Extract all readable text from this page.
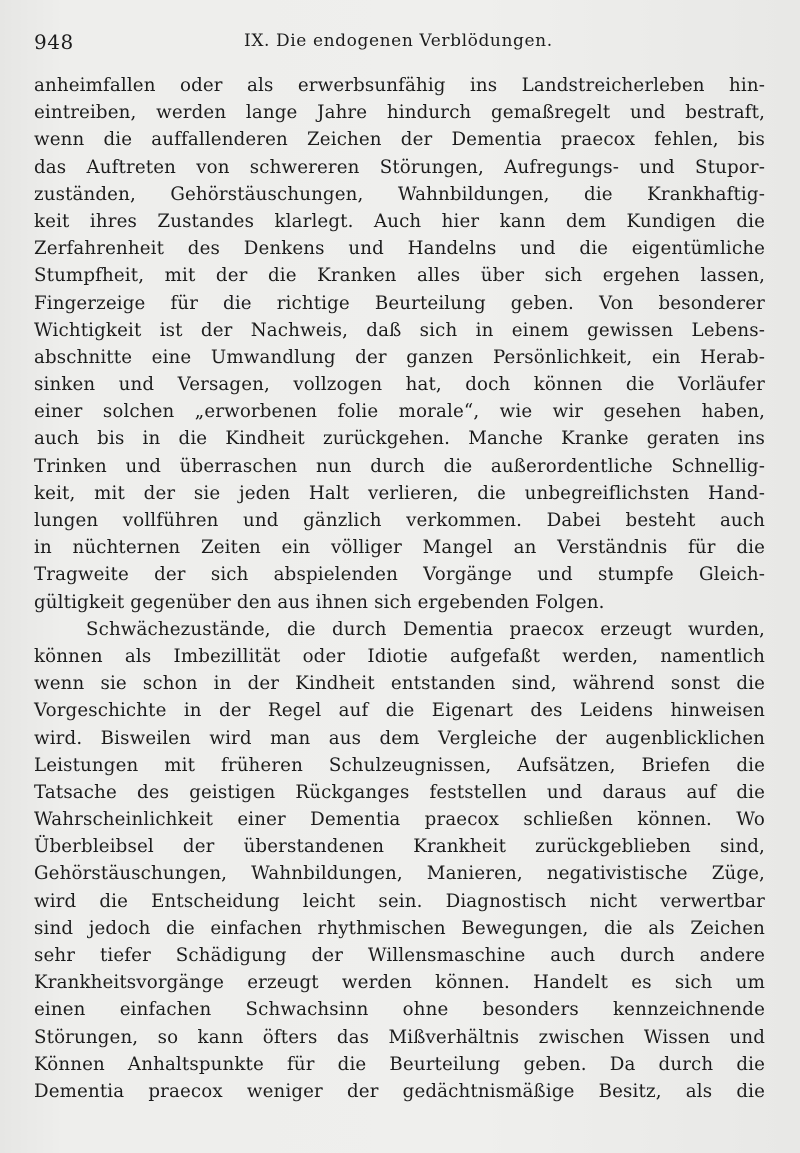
948	IX. Die endogenen Verblödungen.
anheimfallen oder als erwerbsunfähig ins Landstreicherleben hin-
eintreiben, werden lange Jahre hindurch gemaßregelt und bestraft,
wenn die auffallenderen Zeichen der Dementia praecox fehlen, bis
das Auftreten von schwereren Störungen, Aufregungs- und Stupor-
zuständen, Gehörstäuschungen, Wahnbildungen, die Krankhaftig-
keit ihres Zustandes klarlegt. Auch hier kann dem Kundigen die
Zerfahrenheit des Denkens und Handelns und die eigentümliche
Stumpfheit, mit der die Kranken alles über sich ergehen lassen,
Fingerzeige für die richtige Beurteilung geben. Von besonderer
Wichtigkeit ist der Nachweis, daß sich in einem gewissen Lebens-
abschnitte eine Umwandlung der ganzen Persönlichkeit, ein Herab-
sinken und Versagen, vollzogen hat, doch können die Vorläufer
einer solchen „erworbenen folie morale“, wie wir gesehen haben,
auch bis in die Kindheit zurückgehen. Manche Kranke geraten ins
Trinken und überraschen nun durch die außerordentliche Schnellig-
keit, mit der sie jeden Halt verlieren, die unbegreiflichsten Hand-
lungen vollführen und gänzlich verkommen. Dabei besteht auch
in nüchternen Zeiten ein völliger Mangel an Verständnis für die
Tragweite der sich abspielenden Vorgänge und stumpfe Gleich-
gültigkeit gegenüber den aus ihnen sich ergebenden Folgen.
Schwächezustände, die durch Dementia praecox erzeugt wurden,
können als Imbezillität oder Idiotie aufgefaßt werden, namentlich
wenn sie schon in der Kindheit entstanden sind, während sonst die
Vorgeschichte in der Regel auf die Eigenart des Leidens hinweisen
wird. Bisweilen wird man aus dem Vergleiche der augenblicklichen
Leistungen mit früheren Schulzeugnissen, Aufsätzen, Briefen die
Tatsache des geistigen Rückganges feststellen und daraus auf die
Wahrscheinlichkeit einer Dementia praecox schließen können. Wo
Überbleibsel der überstandenen Krankheit zurückgeblieben sind,
Gehörstäuschungen, Wahnbildungen, Manieren, negativistische Züge,
wird die Entscheidung leicht sein. Diagnostisch nicht verwertbar
sind jedoch die einfachen rhythmischen Bewegungen, die als Zeichen
sehr tiefer Schädigung der Willensmaschine auch durch andere
Krankheitsvorgänge erzeugt werden können. Handelt es sich um
einen einfachen Schwachsinn ohne besonders kennzeichnende
Störungen, so kann öfters das Mißverhältnis zwischen Wissen und
Können Anhaltspunkte für die Beurteilung geben. Da durch die
Dementia praecox weniger der gedächtnismäßige Besitz, als die
